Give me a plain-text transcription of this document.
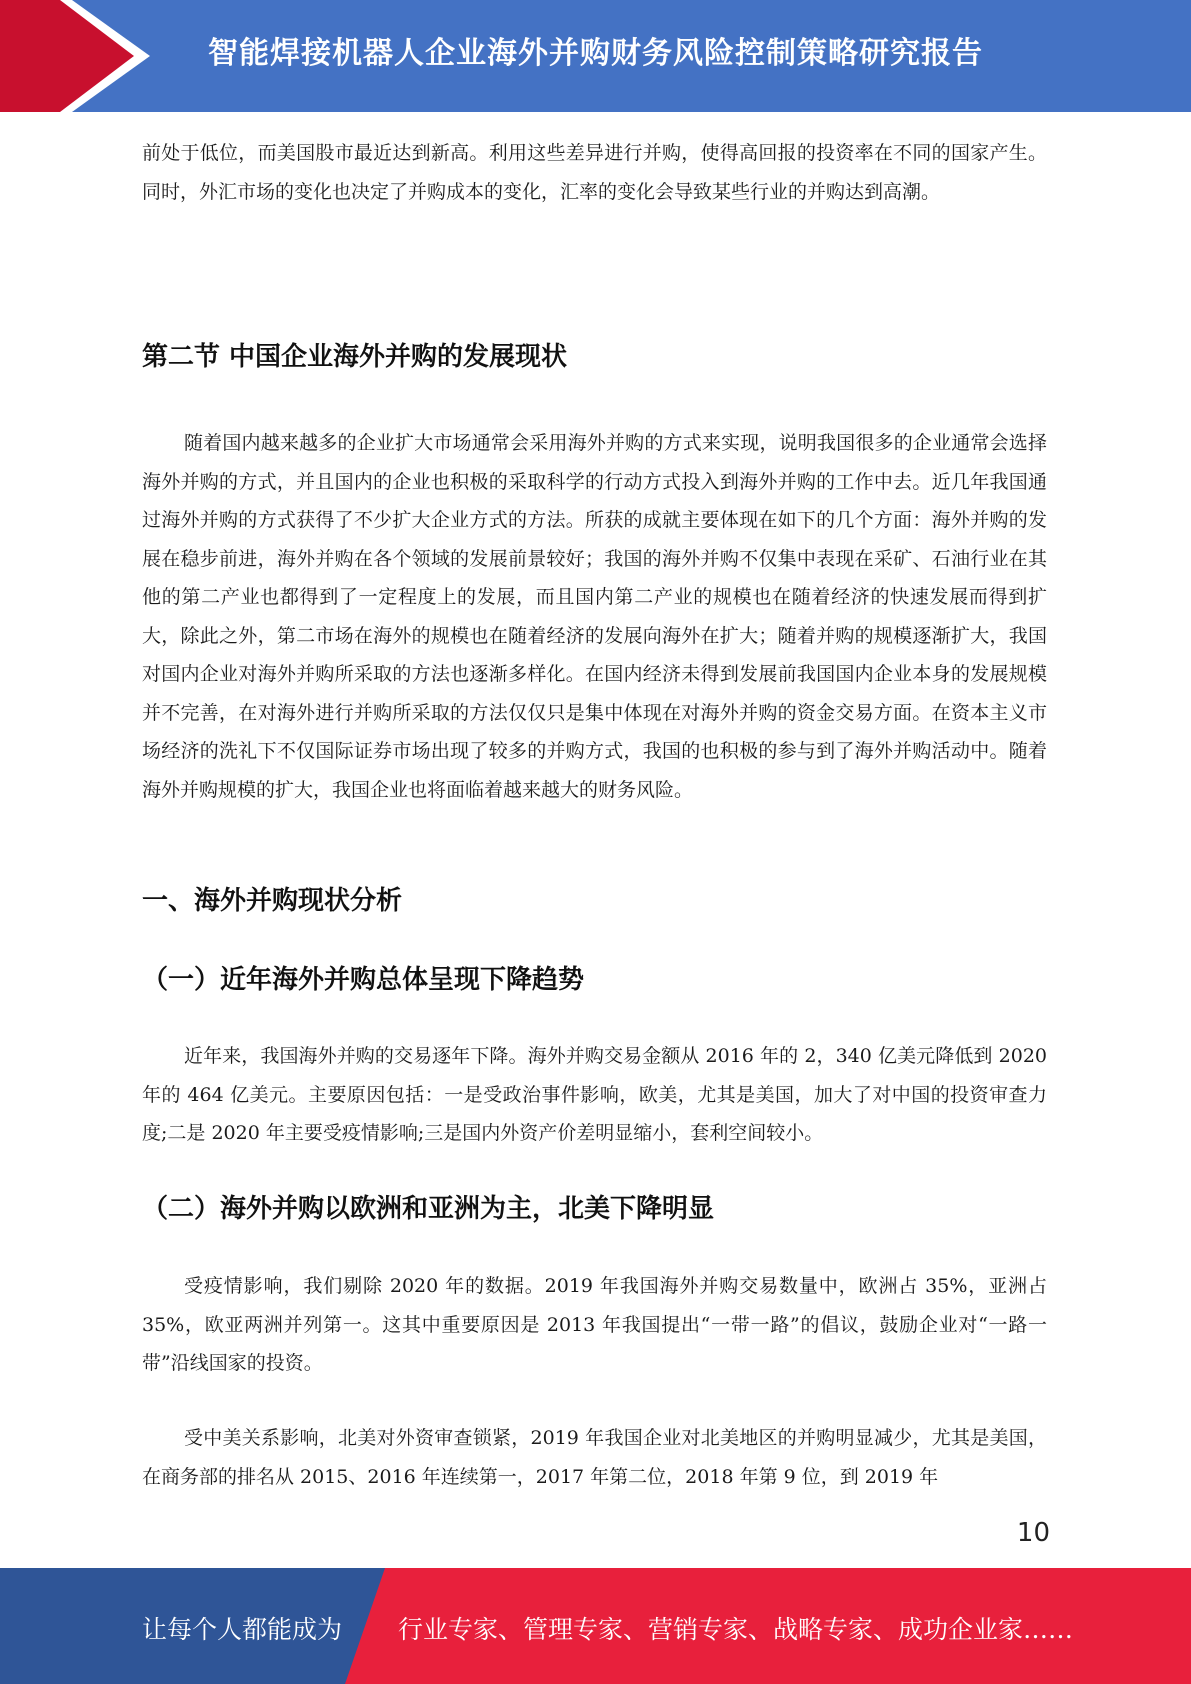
智能焊接机器人企业海外并购财务风险控制策略研究报告

前处于低位，而美国股市最近达到新高。利用这些差异进行并购，使得高回报的投资率在不同的国家产生。同时，外汇市场的变化也决定了并购成本的变化，汇率的变化会导致某些行业的并购达到高潮。

第二节 中国企业海外并购的发展现状

随着国内越来越多的企业扩大市场通常会采用海外并购的方式来实现，说明我国很多的企业通常会选择海外并购的方式，并且国内的企业也积极的采取科学的行动方式投入到海外并购的工作中去。近几年我国通过海外并购的方式获得了不少扩大企业方式的方法。所获的成就主要体现在如下的几个方面：海外并购的发展在稳步前进，海外并购在各个领域的发展前景较好；我国的海外并购不仅集中表现在采矿、石油行业在其他的第二产业也都得到了一定程度上的发展，而且国内第二产业的规模也在随着经济的快速发展而得到扩大，除此之外，第二市场在海外的规模也在随着经济的发展向海外在扩大；随着并购的规模逐渐扩大，我国对国内企业对海外并购所采取的方法也逐渐多样化。在国内经济未得到发展前我国国内企业本身的发展规模并不完善，在对海外进行并购所采取的方法仅仅只是集中体现在对海外并购的资金交易方面。在资本主义市场经济的洗礼下不仅国际证券市场出现了较多的并购方式，我国的也积极的参与到了海外并购活动中。随着海外并购规模的扩大，我国企业也将面临着越来越大的财务风险。

一、海外并购现状分析
（一）近年海外并购总体呈现下降趋势

近年来，我国海外并购的交易逐年下降。海外并购交易金额从 2016 年的 2，340 亿美元降低到 2020 年的 464 亿美元。主要原因包括：一是受政治事件影响，欧美，尤其是美国，加大了对中国的投资审查力度;二是 2020 年主要受疫情影响;三是国内外资产价差明显缩小，套利空间较小。

（二）海外并购以欧洲和亚洲为主，北美下降明显

受疫情影响，我们剔除 2020 年的数据。2019 年我国海外并购交易数量中，欧洲占 35%，亚洲占 35%，欧亚两洲并列第一。这其中重要原因是 2013 年我国提出“一带一路”的倡议，鼓励企业对“一路一带”沿线国家的投资。

受中美关系影响，北美对外资审查锁紧，2019 年我国企业对北美地区的并购明显减少，尤其是美国，在商务部的排名从 2015、2016 年连续第一，2017 年第二位，2018 年第 9 位，到 2019 年

10
让每个人都能成为 行业专家、管理专家、营销专家、战略专家、成功企业家……
